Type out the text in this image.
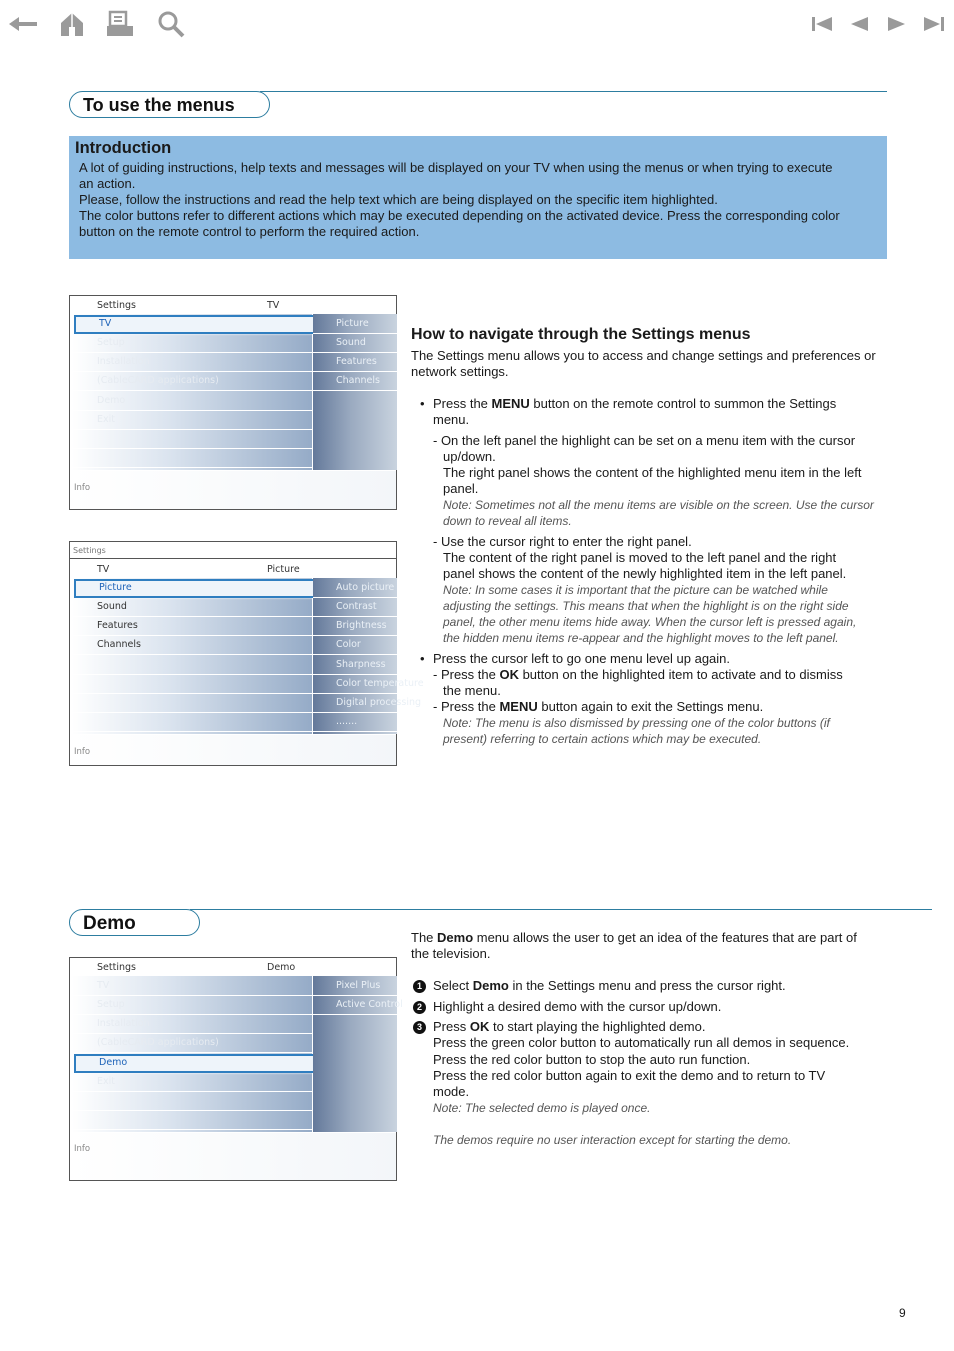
To use the menus
Introduction

A lot of guiding instructions, help texts and messages will be displayed on your TV when using the menus or when trying to execute

an action.

Please, follow the instructions and read the help text which are being displayed on the specific item highlighted.

The color buttons refer to different actions which may be executed depending on the activated device. Press the corresponding color

button on the remote control to perform the required action.

Settings	TV
TV
Setup
Installation
(CableCARD applications)
Demo
Exit
Picture
Sound
Features
Channels
Info
Settings
TV	Picture
Picture
Sound
Features
Channels
Auto picture
Contrast
Brightness
Color
Sharpness
Color temperature
Digital processing
.......
Info
How to navigate through the Settings menus
The Settings menu allows you to access and change settings and preferences or
network settings.
• Press the MENU button on the remote control to summon the Settings
menu.
- On the left panel the highlight can be set on a menu item with the cursor
up/down.
The right panel shows the content of the highlighted menu item in the left
panel.
Note: Sometimes not all the menu items are visible on the screen. Use the cursor
down to reveal all items.
- Use the cursor right to enter the right panel.
The content of the right panel is moved to the left panel and the right
panel shows the content of the newly highlighted item in the left panel.
Note: In some cases it is important that the picture can be watched while
adjusting the settings. This means that when the highlight is on the right side
panel, the other menu items hide away. When the cursor left is pressed again,
the hidden menu items re-appear and the highlight moves to the left panel.
• Press the cursor left to go one menu level up again.
- Press the OK button on the highlighted item to activate and to dismiss
the menu.
- Press the MENU button again to exit the Settings menu.
Note: The menu is also dismissed by pressing one of the color buttons (if
present) referring to certain actions which may be executed.
Demo
Settings	Demo
TV
Setup
Installation
(CableCARD applications)
Demo
Exit
Pixel Plus
Active Control
Info
The Demo menu allows the user to get an idea of the features that are part of
the television.
1 Select Demo in the Settings menu and press the cursor right.
2 Highlight a desired demo with the cursor up/down.
3 Press OK to start playing the highlighted demo.
Press the green color button to automatically run all demos in sequence.
Press the red color button to stop the auto run function.
Press the red color button again to exit the demo and to return to TV
mode.
Note: The selected demo is played once.
The demos require no user interaction except for starting the demo.
9
